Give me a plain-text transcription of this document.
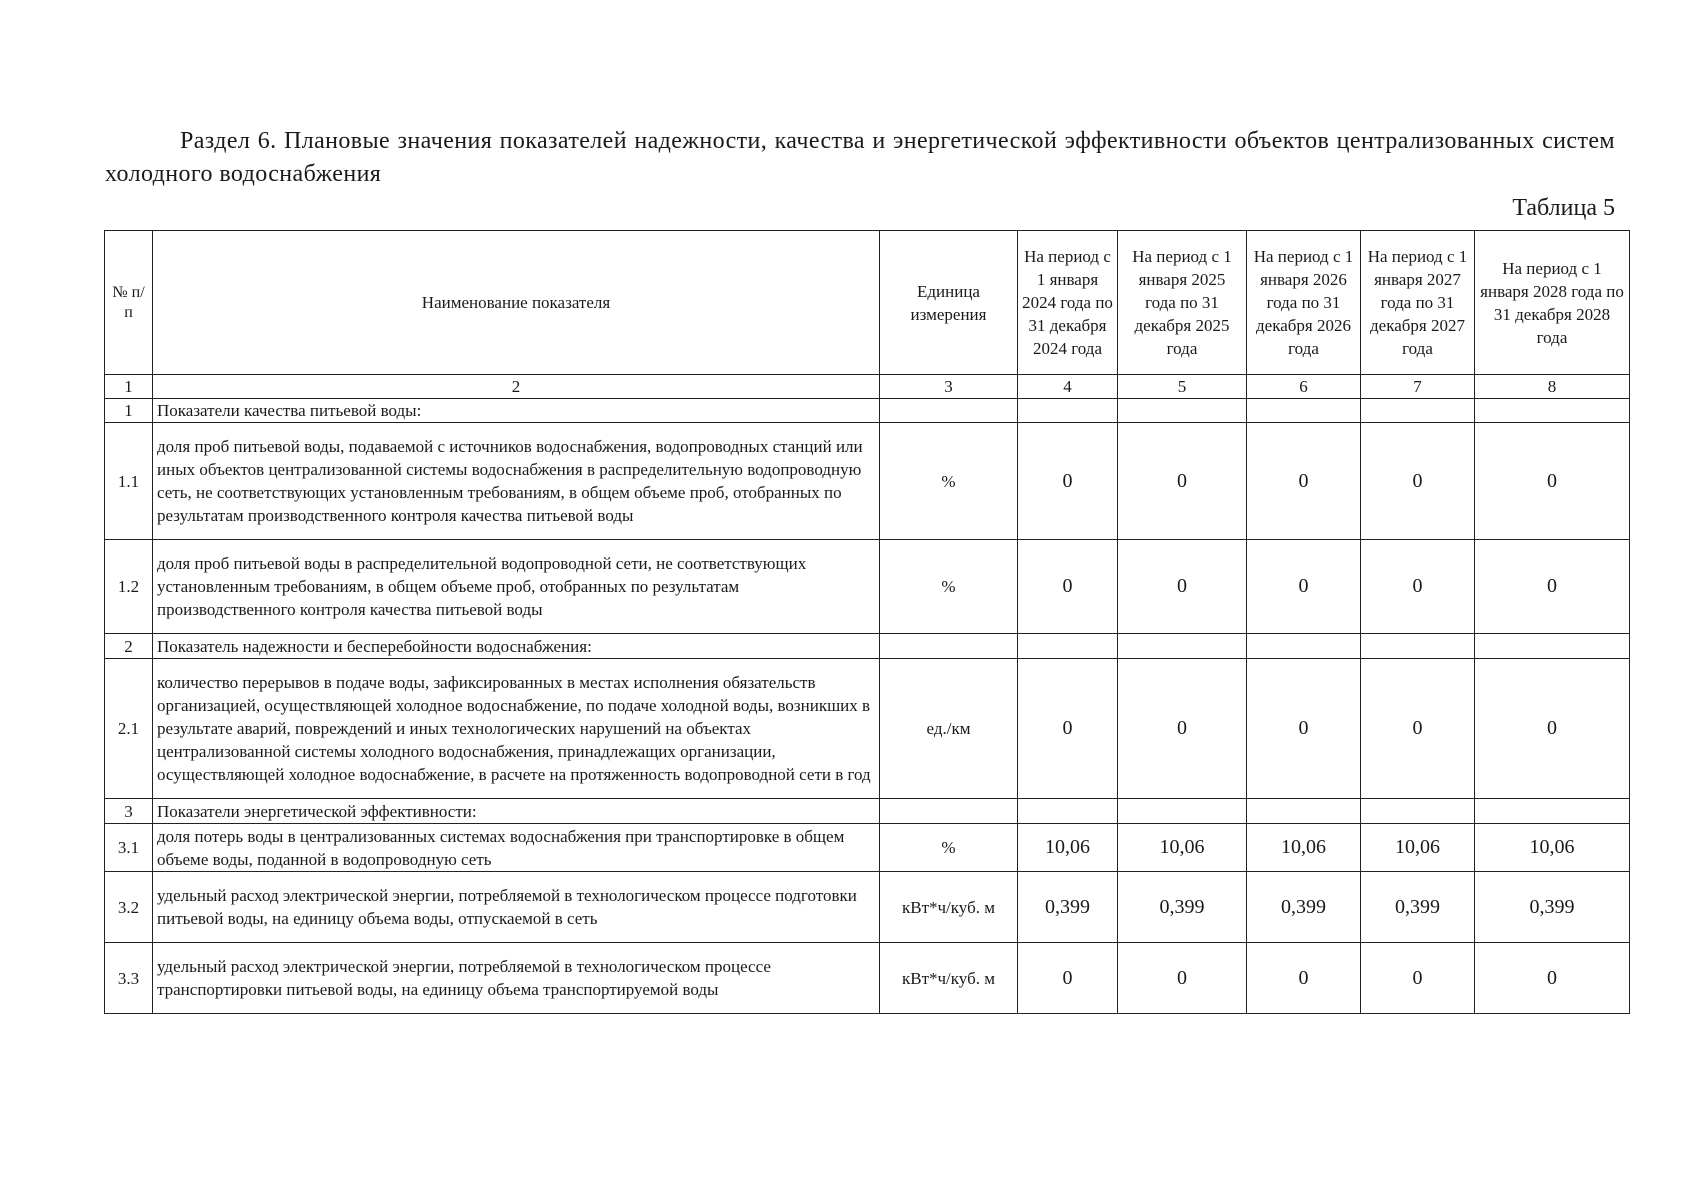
Раздел 6. Плановые значения показателей надежности, качества и энергетической эффективности объектов централизованных систем холодного водоснабжения
Таблица 5
№ п/ п	Наименование показателя	Единица измерения	На период с 1 января 2024 года по 31 декабря 2024 года	На период с 1 января 2025 года по 31 декабря 2025 года	На период с 1 января 2026 года по 31 декабря 2026 года	На период с 1 января 2027 года по 31 декабря 2027 года	На период с 1 января 2028 года по 31 декабря 2028 года
1	2	3	4	5	6	7	8
1	Показатели качества питьевой воды:						
1.1	доля проб питьевой воды, подаваемой с источников водоснабжения, водопроводных станций или иных объектов централизованной системы водоснабжения в распределительную водопроводную сеть, не соответствующих установленным требованиям, в общем объеме проб, отобранных по результатам производственного контроля качества питьевой воды	%	0	0	0	0	0
1.2	доля проб питьевой воды в распределительной водопроводной сети, не соответствующих установленным требованиям, в общем объеме проб, отобранных по результатам производственного контроля качества питьевой воды	%	0	0	0	0	0
2	Показатель надежности и бесперебойности водоснабжения:						
2.1	количество перерывов в подаче воды, зафиксированных в местах исполнения обязательств организацией, осуществляющей холодное водоснабжение, по подаче холодной воды, возникших в результате аварий, повреждений и иных технологических нарушений на объектах централизованной системы холодного водоснабжения, принадлежащих организации, осуществляющей холодное водоснабжение, в расчете на протяженность водопроводной сети в год	ед./км	0	0	0	0	0
3	Показатели энергетической эффективности:						
3.1	доля потерь воды в централизованных системах водоснабжения при транспортировке в общем объеме воды, поданной в водопроводную сеть	%	10,06	10,06	10,06	10,06	10,06
3.2	удельный расход электрической энергии, потребляемой в технологическом процессе подготовки питьевой воды, на единицу объема воды, отпускаемой в сеть	кВт*ч/куб. м	0,399	0,399	0,399	0,399	0,399
3.3	удельный расход электрической энергии, потребляемой в технологическом процессе транспортировки питьевой воды, на единицу объема транспортируемой воды	кВт*ч/куб. м	0	0	0	0	0
